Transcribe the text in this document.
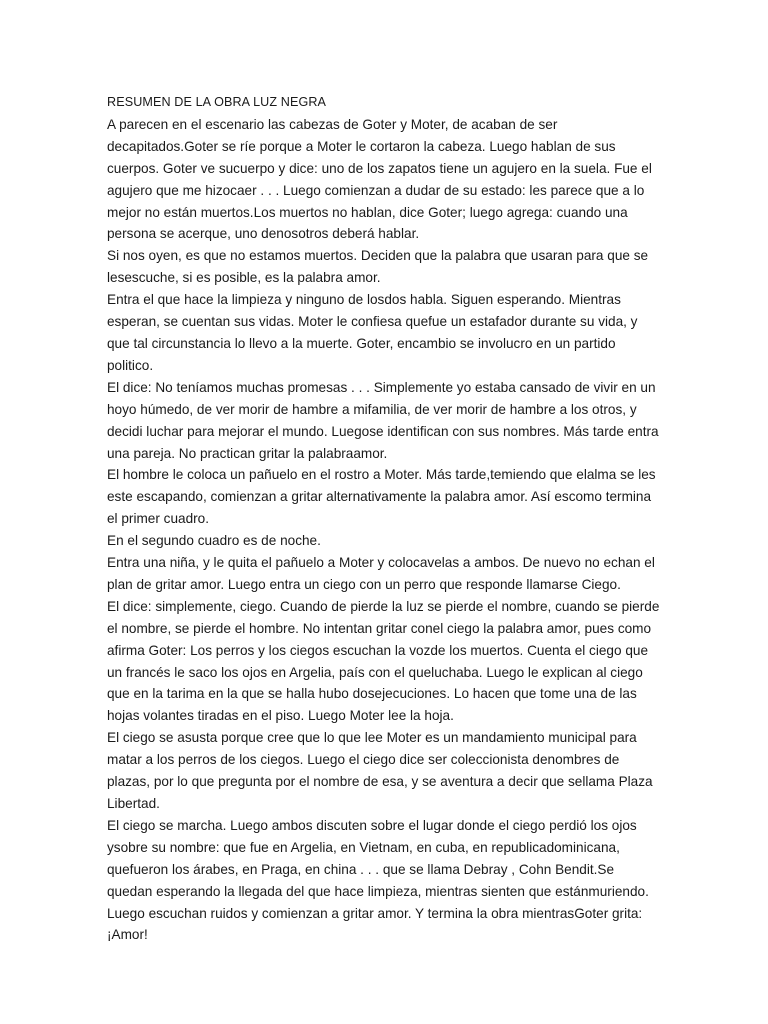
RESUMEN DE LA OBRA LUZ NEGRA

A parecen en el escenario las cabezas de Goter y Moter, de acaban de ser decapitados.Goter se ríe porque a Moter le cortaron la cabeza. Luego hablan de sus cuerpos. Goter ve sucuerpo y dice: uno de los zapatos tiene un agujero en la suela. Fue el agujero que me hizocaer . . . Luego comienzan a dudar de su estado: les parece que a lo mejor no están muertos.Los muertos no hablan, dice Goter; luego agrega: cuando una persona se acerque, uno denosotros deberá hablar.

Si nos oyen, es que no estamos muertos. Deciden que la palabra que usaran para que se lesescuche, si es posible, es la palabra amor.

Entra el que hace la limpieza y ninguno de losdos habla. Siguen esperando. Mientras esperan, se cuentan sus vidas. Moter le confiesa quefue un estafador durante su vida, y que tal circunstancia lo llevo a la muerte. Goter, encambio se involucro en un partido politico.

El dice: No teníamos muchas promesas . . . Simplemente yo estaba cansado de vivir en un hoyo húmedo, de ver morir de hambre a mifamilia, de ver morir de hambre a los otros, y decidi luchar para mejorar el mundo. Luegose identifican con sus nombres. Más tarde entra una pareja. No practican gritar la palabraamor.

El hombre le coloca un pañuelo en el rostro a Moter. Más tarde,temiendo que elalma se les este escapando, comienzan a gritar alternativamente la palabra amor. Así escomo termina el primer cuadro.

En el segundo cuadro es de noche.

Entra una niña, y le quita el pañuelo a Moter y colocavelas a ambos. De nuevo no echan el plan de gritar amor. Luego entra un ciego con un perro que responde llamarse Ciego.

El dice: simplemente, ciego. Cuando de pierde la luz se pierde el nombre, cuando se pierde el nombre, se pierde el hombre. No intentan gritar conel ciego la palabra amor, pues como afirma Goter: Los perros y los ciegos escuchan la vozde los muertos. Cuenta el ciego que un francés le saco los ojos en Argelia, país con el queluchaba. Luego le explican al ciego que en la tarima en la que se halla hubo dosejecuciones. Lo hacen que tome una de las hojas volantes tiradas en el piso. Luego Moter lee la hoja.

El ciego se asusta porque cree que lo que lee Moter es un mandamiento municipal para matar a los perros de los ciegos. Luego el ciego dice ser coleccionista denombres de plazas, por lo que pregunta por el nombre de esa, y se aventura a decir que sellama Plaza Libertad.

El ciego se marcha. Luego ambos discuten sobre el lugar donde el ciego perdió los ojos ysobre su nombre: que fue en Argelia, en Vietnam, en cuba, en republicadominicana, quefueron los árabes, en Praga, en china . . . que se llama Debray , Cohn Bendit.Se quedan esperando la llegada del que hace limpieza, mientras sienten que estánmuriendo. Luego escuchan ruidos y comienzan a gritar amor. Y termina la obra mientrasGoter grita: ¡Amor!
